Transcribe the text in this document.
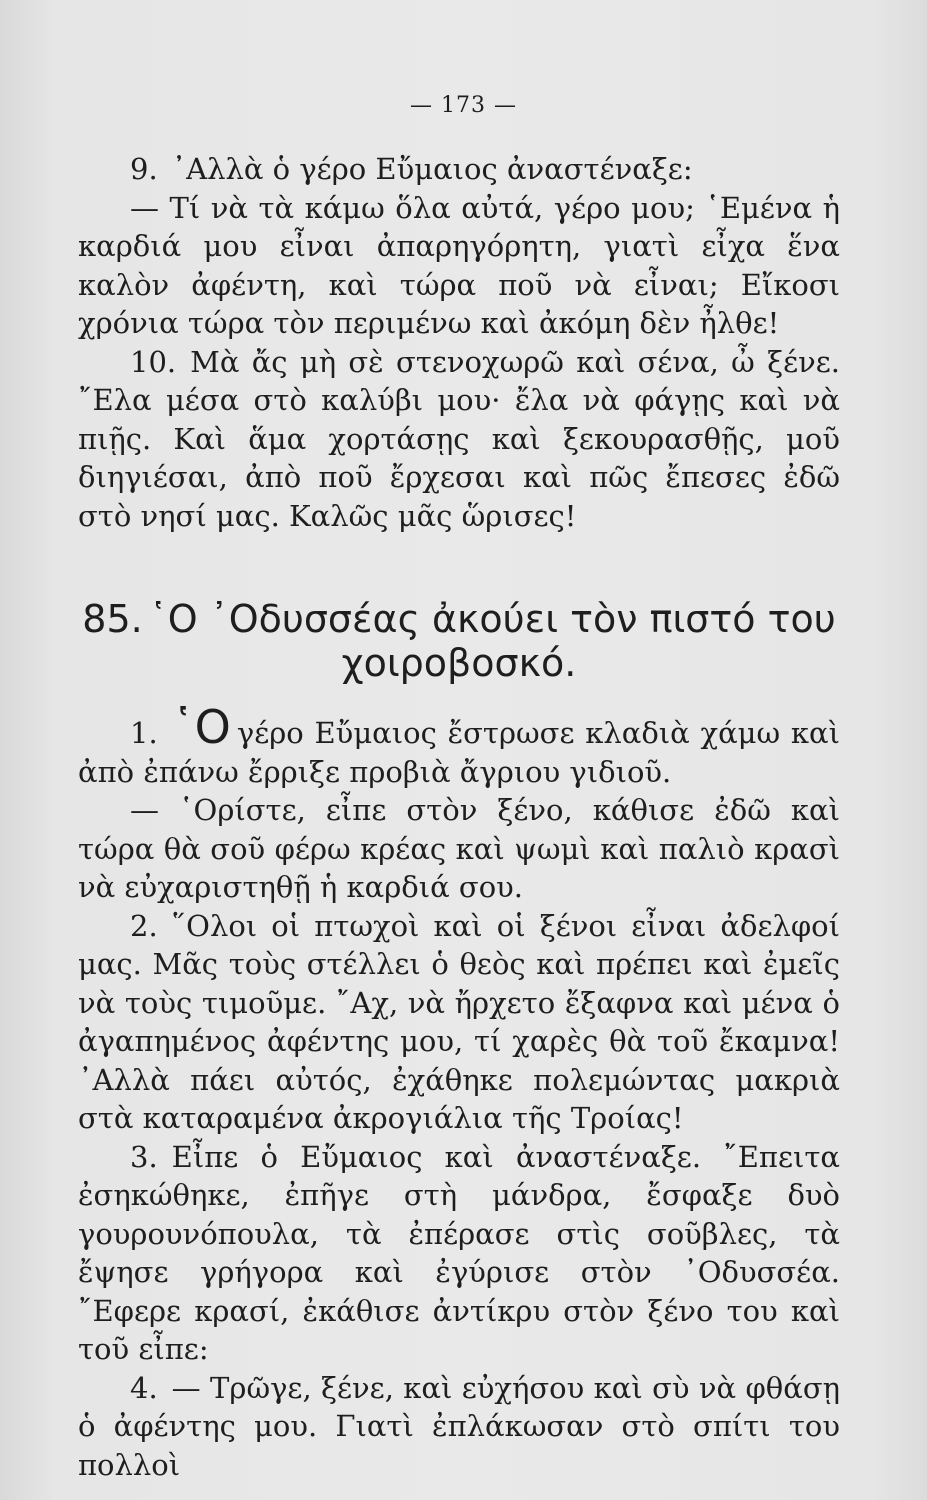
— 173 —

9. ᾿Αλλὰ ὁ γέρο Εὔμαιος ἀναστέναξε:

— Τί νὰ τὰ κάμω ὅλα αὐτά, γέρο μου; ῾Εμένα ἡ καρδιά μου εἶναι ἀπαρηγόρητη, γιατὶ εἶχα ἕνα καλὸν ἀφέντη, καὶ τώρα ποῦ νὰ εἶναι; Εἴκοσι χρόνια τώρα τὸν περιμένω καὶ ἀκόμη δὲν ἦλθε!

10. Μὰ ἄς μὴ σὲ στενοχωρῶ καὶ σένα, ὦ ξένε. ῎Ελα μέσα στὸ καλύβι μου· ἔλα νὰ φάγῃς καὶ νὰ πιῇς. Καὶ ἅμα χορτάσῃς καὶ ξεκουρασθῇς, μοῦ διηγιέσαι, ἀπὸ ποῦ ἔρχεσαι καὶ πῶς ἔπεσες ἐδῶ στὸ νησί μας. Καλῶς μᾶς ὥρισες!

85. ῾Ο ᾿Οδυσσέας ἀκούει τὸν πιστό του χοιροβοσκό.

1. ῾Ο γέρο Εὔμαιος ἔστρωσε κλαδιὰ χάμω καὶ ἀπὸ ἐπάνω ἔρριξε προβιὰ ἄγριου γιδιοῦ.

— ῾Ορίστε, εἶπε στὸν ξένο, κάθισε ἐδῶ καὶ τώρα θὰ σοῦ φέρω κρέας καὶ ψωμὶ καὶ παλιὸ κρασὶ νὰ εὐχαριστηθῇ ἡ καρδιά σου.

2. ῞Ολοι οἱ πτωχοὶ καὶ οἱ ξένοι εἶναι ἀδελφοί μας. Μᾶς τοὺς στέλλει ὁ θεὸς καὶ πρέπει καὶ ἐμεῖς νὰ τοὺς τιμοῦμε. ῎Αχ, νὰ ἤρχετο ἔξαφνα καὶ μένα ὁ ἀγαπημένος ἀφέντης μου, τί χαρὲς θὰ τοῦ ἔκαμνα! ᾿Αλλὰ πάει αὐτός, ἐχάθηκε πολεμώντας μακριὰ στὰ καταραμένα ἀκρογιάλια τῆς Τροίας!

3. Εἶπε ὁ Εὔμαιος καὶ ἀναστέναξε. ῎Επειτα ἐσηκώθηκε, ἐπῆγε στὴ μάνδρα, ἔσφαξε δυὸ γουρουνόπουλα, τὰ ἐπέρασε στὶς σοῦβλες, τὰ ἔψησε γρήγορα καὶ ἐγύρισε στὸν ᾿Οδυσσέα. ῎Εφερε κρασί, ἐκάθισε ἀντίκρυ στὸν ξένο του καὶ τοῦ εἶπε:

4. — Τρῶγε, ξένε, καὶ εὐχήσου καὶ σὺ νὰ φθάσῃ ὁ ἀφέντης μου. Γιατὶ ἐπλάκωσαν στὸ σπίτι του πολλοὶ
